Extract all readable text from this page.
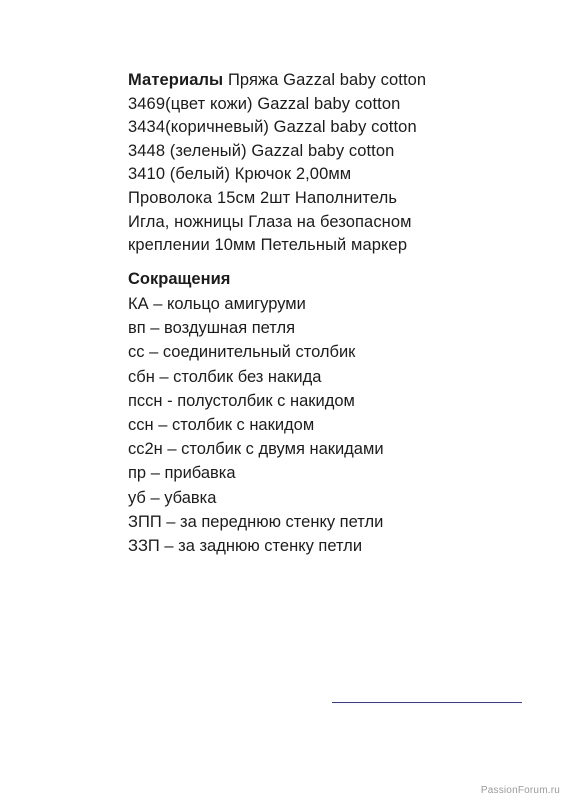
Материалы Пряжа Gazzal baby cotton
3469(цвет кожи) Gazzal baby cotton
3434(коричневый) Gazzal baby cotton
3448 (зеленый) Gazzal baby cotton
3410 (белый) Крючок 2,00мм
Проволока 15см 2шт Наполнитель
Игла, ножницы Глаза на безопасном
креплении 10мм Петельный маркер
Сокращения
КА – кольцо амигуруми
вп – воздушная петля
сс – соединительный столбик
сбн – столбик без накида
пссн - полустолбик с накидом
ссн – столбик с накидом
сс2н – столбик с двумя накидами
пр – прибавка
уб – убавка
ЗПП – за переднюю стенку петли
ЗЗП – за заднюю стенку петли
PassionForum.ru
